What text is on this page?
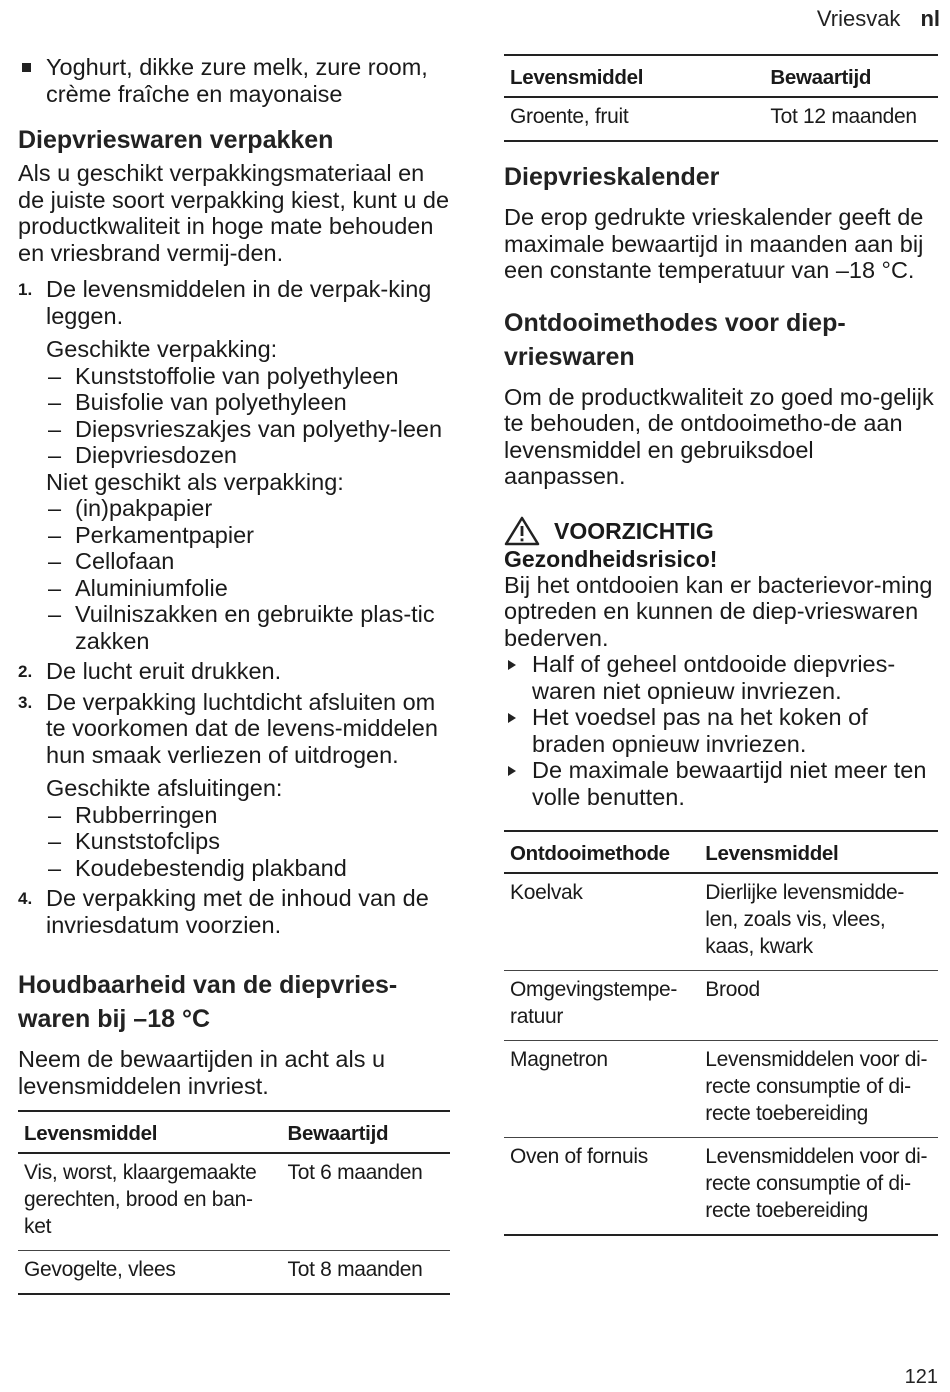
Vriesvak nl
Yoghurt, dikke zure melk, zure room, crème fraîche en mayonaise
Diepvrieswaren verpakken

Als u geschikt verpakkingsmateriaal en de juiste soort verpakking kiest, kunt u de productkwaliteit in hoge mate behouden en vriesbrand vermij-den.

1. De levensmiddelen in de verpak-king leggen.
Geschikte verpakking:
– Kunststoffolie van polyethyleen
– Buisfolie van polyethyleen
– Diepsvrieszakjes van polyethy-leen
– Diepvriesdozen
Niet geschikt als verpakking:
– (in)pakpapier
– Perkamentpapier
– Cellofaan
– Aluminiumfolie
– Vuilniszakken en gebruikte plas-tic zakken
2. De lucht eruit drukken.
3. De verpakking luchtdicht afsluiten om te voorkomen dat de levens-middelen hun smaak verliezen of uitdrogen.
Geschikte afsluitingen:
– Rubberringen
– Kunststofclips
– Koudebestendig plakband
4. De verpakking met de inhoud van de invriesdatum voorzien.
Houdbaarheid van de diepvries-waren bij –18 °C

Neem de bewaartijden in acht als u levensmiddelen invriest.

Levensmiddel	Bewaartijd
Vis, worst, klaargemaakte gerechten, brood en ban-ket	Tot 6 maanden
Gevogelte, vlees	Tot 8 maanden
Levensmiddel	Bewaartijd
Groente, fruit	Tot 12 maanden
Diepvrieskalender

De erop gedrukte vrieskalender geeft de maximale bewaartijd in maanden aan bij een constante temperatuur van –18 °C.

Ontdooimethodes voor diep-vrieswaren

Om de productkwaliteit zo goed mo-gelijk te behouden, de ontdooimetho-de aan levensmiddel en gebruiksdoel aanpassen.

VOORZICHTIG
Gezondheidsrisico!

Bij het ontdooien kan er bacterievor-ming optreden en kunnen de diep-vrieswaren bederven.

Half of geheel ontdooide diepvries-waren niet opnieuw invriezen.
Het voedsel pas na het koken of braden opnieuw invriezen.
De maximale bewaartijd niet meer ten volle benutten.
Ontdooimethode	Levensmiddel
Koelvak	Dierlijke levensmidde-len, zoals vis, vlees, kaas, kwark
Omgevingstempe-ratuur	Brood
Magnetron	Levensmiddelen voor di-recte consumptie of di-recte toebereiding
Oven of fornuis	Levensmiddelen voor di-recte consumptie of di-recte toebereiding
121
